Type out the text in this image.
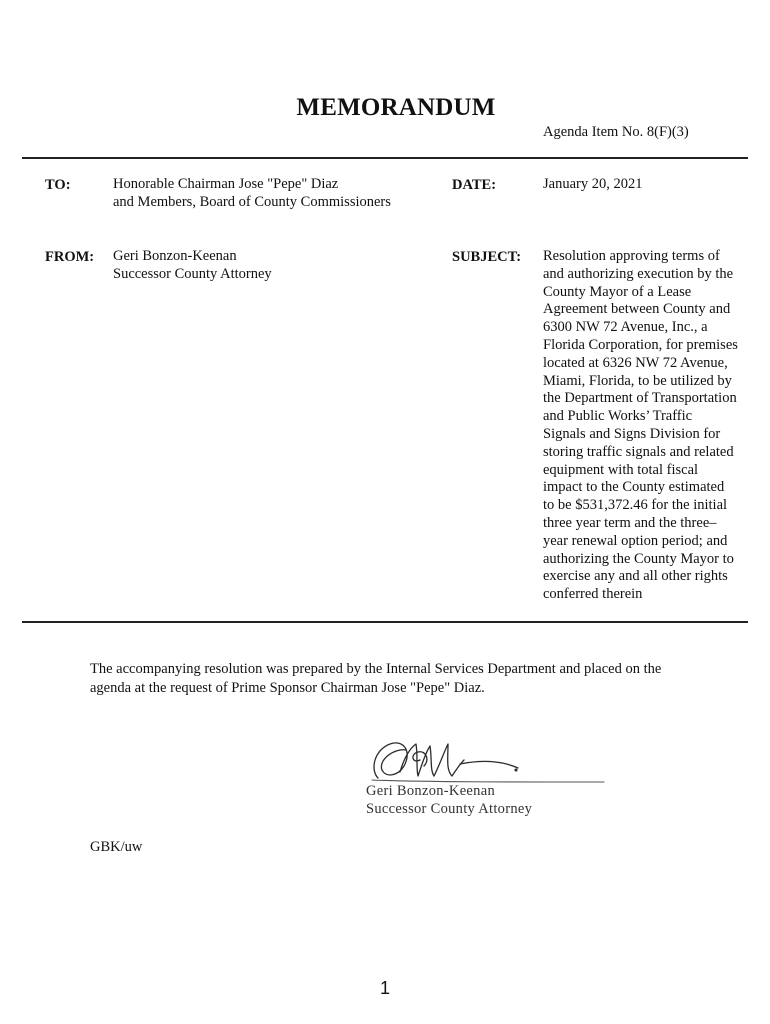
MEMORANDUM
Agenda Item No. 8(F)(3)
TO:	Honorable Chairman Jose "Pepe" Diaz
and Members, Board of County Commissioners
DATE:	January 20, 2021
FROM: Geri Bonzon-Keenan
Successor County Attorney
SUBJECT: Resolution approving terms of
and authorizing execution by the
County Mayor of a Lease
Agreement between County and
6300 NW 72 Avenue, Inc., a
Florida Corporation, for premises
located at 6326 NW 72 Avenue,
Miami, Florida, to be utilized by
the Department of Transportation
and Public Works’ Traffic
Signals and Signs Division for
storing traffic signals and related
equipment with total fiscal
impact to the County estimated
to be $531,372.46 for the initial
three year term and the three–
year renewal option period; and
authorizing the County Mayor to
exercise any and all other rights
conferred therein
The accompanying resolution was prepared by the Internal Services Department and placed on the
agenda at the request of Prime Sponsor Chairman Jose "Pepe" Diaz.
Geri Bonzon-Keenan
Successor County Attorney
GBK/uw
1
